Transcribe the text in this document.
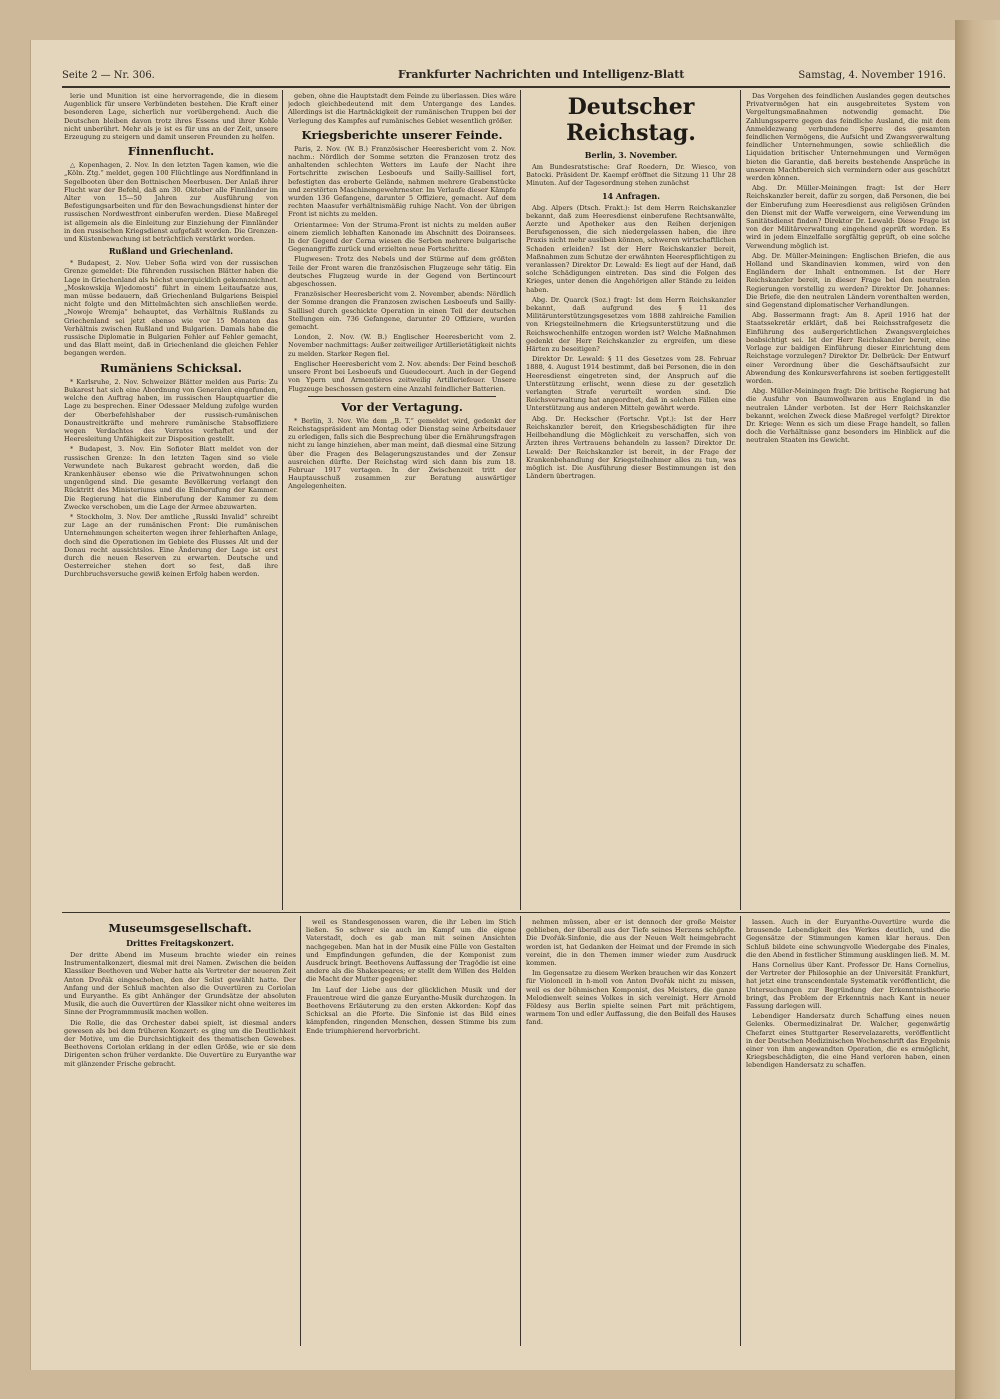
Seite 2 — Nr. 306.	Frankfurter Nachrichten und Intelligenz-Blatt	Samstag, 4. November 1916.

lerie und Munition ist eine hervorragende, die in diesem Augenblick für unsere Verbündeten bestehen. Die Kraft einer besonderen Lage, sicherlich nur vorübergehend. Auch die Deutschen bleiben davon trotz ihres Essens und ihrer Kohle nicht unberührt. Mehr als je ist es für uns an der Zeit, unsere Erzeugung zu steigern und damit unseren Freunden zu helfen.

Finnenflucht.

△ Kopenhagen, 2. Nov. In den letzten Tagen kamen, wie die „Köln. Ztg.“ meldet, gegen 100 Flüchtlinge aus Nordfinnland in Segelbooten über den Bottnischen Meerbusen. Der Anlaß ihrer Flucht war der Befehl, daß am 30. Oktober alle Finnländer im Alter von 15—50 Jahren zur Ausführung von Befestigungsarbeiten und für den Bewachungsdienst hinter der russischen Nordwestfront einberufen werden. Diese Maßregel ist allgemein als die Einleitung zur Einziehung der Finnländer in den russischen Kriegsdienst aufgefaßt worden. Die Grenzen- und Küstenbewachung ist beträchtlich verstärkt worden.

Rußland und Griechenland.

* Budapest, 2. Nov. Ueber Sofia wird von der russischen Grenze gemeldet: Die führenden russischen Blätter haben die Lage in Griechenland als höchst unerquicklich gekennzeichnet. „Moskowskija Wjedomosti“ führt in einem Leitaufsatze aus, man müsse bedauern, daß Griechenland Bulgariens Beispiel nicht folgte und den Mittelmächten sich anschließen werde. „Nowoje Wremja“ behauptet, das Verhältnis Rußlands zu Griechenland sei jetzt ebenso wie vor 15 Monaten das Verhältnis zwischen Rußland und Bulgarien. Damals habe die russische Diplomatie in Bulgarien Fehler auf Fehler gemacht, und das Blatt meint, daß in Griechenland die gleichen Fehler begangen werden.

Rumäniens Schicksal.

* Karlsruhe, 2. Nov. Schweizer Blätter melden aus Paris: Zu Bukarest hat sich eine Abordnung von Generalen eingefunden, welche den Auftrag haben, im russischen Hauptquartier die Lage zu besprechen. Einer Odessaer Meldung zufolge wurden der Oberbefehlshaber der russisch-rumänischen Donaustreitkräfte und mehrere rumänische Stabsoffiziere wegen Verdachtes des Verrates verhaftet und der Heeresleitung Unfähigkeit zur Disposition gestellt.

* Budapest, 3. Nov. Ein Sofioter Blatt meldet von der russischen Grenze: In den letzten Tagen sind so viele Verwundete nach Bukarest gebracht worden, daß die Krankenhäuser ebenso wie die Privatwohnungen schon ungenügend sind. Die gesamte Bevölkerung verlangt den Rücktritt des Ministeriums und die Einberufung der Kammer. Die Regierung hat die Einberufung der Kammer zu dem Zwecke verschoben, um die Lage der Armee abzuwarten.

* Stockholm, 3. Nov. Der amtliche „Russki Invalid“ schreibt zur Lage an der rumänischen Front: Die rumänischen Unternehmungen scheiterten wegen ihrer fehlerhaften Anlage, doch sind die Operationen im Gebiete des Flusses Alt und der Donau recht aussichtslos. Eine Änderung der Lage ist erst durch die neuen Reserven zu erwarten. Deutsche und Oesterreicher stehen dort so fest, daß ihre Durchbruchsversuche gewiß keinen Erfolg haben werden.

geben, ohne die Hauptstadt dem Feinde zu überlassen. Dies wäre jedoch gleichbedeutend mit dem Untergange des Landes. Allerdings ist die Hartnäckigkeit der rumänischen Truppen bei der Verlegung des Kampfes auf rumänisches Gebiet wesentlich größer.

Kriegsberichte unserer Feinde.

Paris, 2. Nov. (W. B.) Französischer Heeresbericht vom 2. Nov. nachm.: Nördlich der Somme setzten die Franzosen trotz des anhaltenden schlechten Wetters im Laufe der Nacht ihre Fortschritte zwischen Lesboeufs und Sailly-Saillisel fort, befestigten das eroberte Gelände, nahmen mehrere Grabenstücke und zerstörten Maschinengewehrnester. Im Verlaufe dieser Kämpfe wurden 136 Gefangene, darunter 5 Offiziere, gemacht. Auf dem rechten Maasufer verhältnismäßig ruhige Nacht. Von der übrigen Front ist nichts zu melden.

Orientarmee: Von der Struma-Front ist nichts zu melden außer einem ziemlich lebhaften Kanonade im Abschnitt des Doiransees. In der Gegend der Cerna wiesen die Serben mehrere bulgarische Gegenangriffe zurück und erzielten neue Fortschritte.

Flugwesen: Trotz des Nebels und der Stürme auf dem größten Teile der Front waren die französischen Flugzeuge sehr tätig. Ein deutsches Flugzeug wurde in der Gegend von Bertincourt abgeschossen.

Französischer Heeresbericht vom 2. November, abends: Nördlich der Somme drangen die Franzosen zwischen Lesboeufs und Sailly-Saillisel durch geschickte Operation in einen Teil der deutschen Stellungen ein. 736 Gefangene, darunter 20 Offiziere, wurden gemacht.

London, 2. Nov. (W. B.) Englischer Heeresbericht vom 2. November nachmittags: Außer zeitweiliger Artillerietätigkeit nichts zu melden. Starker Regen fiel.

Englischer Heeresbericht vom 2. Nov. abends: Der Feind beschoß unsere Front bei Lesboeufs und Gueudecourt. Auch in der Gegend von Ypern und Armentières zeitweilig Artilleriefeuer. Unsere Flugzeuge beschossen gestern eine Anzahl feindlicher Batterien.

Vor der Vertagung.

* Berlin, 3. Nov. Wie dem „B. T.“ gemeldet wird, gedenkt der Reichstagspräsident am Montag oder Dienstag seine Arbeitsdauer zu erledigen, falls sich die Besprechung über die Ernährungsfragen nicht zu lange hinziehen, aber man meint, daß diesmal eine Sitzung über die Fragen des Belagerungszustandes und der Zensur ausreichen dürfte. Der Reichstag wird sich dann bis zum 18. Februar 1917 vertagen. In der Zwischenzeit tritt der Hauptausschuß zusammen zur Beratung auswärtiger Angelegenheiten.

Deutscher Reichstag.
Berlin, 3. November.

Am Bundesratstische: Graf Roedern, Dr. Wiesco, von Batocki. Präsident Dr. Kaempf eröffnet die Sitzung 11 Uhr 28 Minuten. Auf der Tagesordnung stehen zunächst

14 Anfragen.

Abg. Alpers (Dtsch. Frakt.): Ist dem Herrn Reichskanzler bekannt, daß zum Heeresdienst einberufene Rechtsanwälte, Aerzte und Apotheker aus den Reihen derjenigen Berufsgenossen, die sich niedergelassen haben, die ihre Praxis nicht mehr ausüben können, schweren wirtschaftlichen Schaden erleiden? Ist der Herr Reichskanzler bereit, Maßnahmen zum Schutze der erwähnten Heerespflichtigen zu veranlassen? Direktor Dr. Lewald: Es liegt auf der Hand, daß solche Schädigungen eintreten. Das sind die Folgen des Krieges, unter denen die Angehörigen aller Stände zu leiden haben.

Abg. Dr. Quarck (Soz.) fragt: Ist dem Herrn Reichskanzler bekannt, daß aufgrund des § 11 des Militärunterstützungsgesetzes vom 1888 zahlreiche Familien von Kriegsteilnehmern die Kriegsunterstützung und die Reichswochenhilfe entzogen worden ist? Welche Maßnahmen gedenkt der Herr Reichskanzler zu ergreifen, um diese Härten zu beseitigen?

Direktor Dr. Lewald: § 11 des Gesetzes vom 28. Februar 1888, 4. August 1914 bestimmt, daß bei Personen, die in den Heeresdienst eingetreten sind, der Anspruch auf die Unterstützung erlischt, wenn diese zu der gesetzlich verlangten Strafe verurteilt worden sind. Die Reichsverwaltung hat angeordnet, daß in solchen Fällen eine Unterstützung aus anderen Mitteln gewährt werde.

Abg. Dr. Heckscher (Fortschr. Vpt.): Ist der Herr Reichskanzler bereit, den Kriegsbeschädigten für ihre Heilbehandlung die Möglichkeit zu verschaffen, sich von Ärzten ihres Vertrauens behandeln zu lassen? Direktor Dr. Lewald: Der Reichskanzler ist bereit, in der Frage der Krankenbehandlung der Kriegsteilnehmer alles zu tun, was möglich ist. Die Ausführung dieser Bestimmungen ist den Ländern übertragen.

Das Vorgehen des feindlichen Auslandes gegen deutsches Privatvermögen hat ein ausgebreitetes System von Vergeltungsmaßnahmen notwendig gemacht. Die Zahlungssperre gegen das feindliche Ausland, die mit dem Anmeldezwang verbundene Sperre des gesamten feindlichen Vermögens, die Aufsicht und Zwangsverwaltung feindlicher Unternehmungen, sowie schließlich die Liquidation britischer Unternehmungen und Vermögen bieten die Garantie, daß bereits bestehende Ansprüche in unserem Machtbereich sich vermindern oder aus geschützt werden können.

Abg. Dr. Müller-Meiningen fragt: Ist der Herr Reichskanzler bereit, dafür zu sorgen, daß Personen, die bei der Einberufung zum Heeresdienst aus religiösen Gründen den Dienst mit der Waffe verweigern, eine Verwendung im Sanitätsdienst finden? Direktor Dr. Lewald: Diese Frage ist von der Militärverwaltung eingehend geprüft worden. Es wird in jedem Einzelfalle sorgfältig geprüft, ob eine solche Verwendung möglich ist.

Abg. Dr. Müller-Meiningen: Englischen Briefen, die aus Holland und Skandinavien kommen, wird von den Engländern der Inhalt entnommen. Ist der Herr Reichskanzler bereit, in dieser Frage bei den neutralen Regierungen vorstellig zu werden? Direktor Dr. Johannes: Die Briefe, die den neutralen Ländern vorenthalten werden, sind Gegenstand diplomatischer Verhandlungen.

Abg. Bassermann fragt: Am 8. April 1916 hat der Staatssekretär erklärt, daß bei Reichsstrafgesetz die Einführung des außergerichtlichen Zwangsvergleiches beabsichtigt sei. Ist der Herr Reichskanzler bereit, eine Vorlage zur baldigen Einführung dieser Einrichtung dem Reichstage vorzulegen? Direktor Dr. Delbrück: Der Entwurf einer Verordnung über die Geschäftsaufsicht zur Abwendung des Konkursverfahrens ist soeben fertiggestellt worden.

Abg. Müller-Meiningen fragt: Die britische Regierung hat die Ausfuhr von Baumwollwaren aus England in die neutralen Länder verboten. Ist der Herr Reichskanzler bekannt, welchen Zweck diese Maßregel verfolgt? Direktor Dr. Kriege: Wenn es sich um diese Frage handelt, so fallen doch die Verhältnisse ganz besonders im Hinblick auf die neutralen Staaten ins Gewicht.

Museumsgesellschaft.
Drittes Freitagskonzert.

Der dritte Abend im Museum brachte wieder ein reines Instrumentalkonzert, diesmal mit drei Namen. Zwischen die beiden Klassiker Beethoven und Weber hatte als Vertreter der neueren Zeit Anton Dvořák eingeschoben, den der Solist gewählt hatte. Der Anfang und der Schluß machten also die Ouvertüren zu Coriolan und Euryanthe. Es gibt Anhänger der Grundsätze der absoluten Musik, die auch die Ouvertüren der Klassiker nicht ohne weiteres im Sinne der Programmmusik machen wollen.

Die Rolle, die das Orchester dabei spielt, ist diesmal anders gewesen als bei dem früheren Konzert: es ging um die Deutlichkeit der Motive, um die Durchsichtigkeit des thematischen Gewebes. Beethovens Coriolan erklang in der edlen Größe, wie er sie dem Dirigenten schon früher verdankte. Die Ouvertüre zu Euryanthe war mit glänzender Frische gebracht.

weil es Standesgenossen waren, die ihr Leben im Stich ließen. So schwer sie auch im Kampf um die eigene Vaterstadt, doch es gab man mit seinen Ansichten nachgegeben. Man hat in der Musik eine Fülle von Gestalten und Empfindungen gefunden, die der Komponist zum Ausdruck bringt. Beethovens Auffassung der Tragödie ist eine andere als die Shakespeares; er stellt dem Willen des Helden die Macht der Mutter gegenüber.

Im Lauf der Liebe aus der glücklichen Musik und der Frauentreue wird die ganze Euryanthe-Musik durchzogen. In Beethovens Erläuterung zu den ersten Akkorden: Kopf das Schicksal an die Pforte. Die Sinfonie ist das Bild eines kämpfenden, ringenden Menschen, dessen Stimme bis zum Ende triumphierend hervorbricht.

nehmen müssen, aber er ist dennoch der große Meister geblieben, der überall aus der Tiefe seines Herzens schöpfte. Die Dvořák-Sinfonie, die aus der Neuen Welt heimgebracht worden ist, hat Gedanken der Heimat und der Fremde in sich vereint, die in den Themen immer wieder zum Ausdruck kommen.

Im Gegensatze zu diesem Werken brauchen wir das Konzert für Violoncell in h-moll von Anton Dvořák nicht zu missen, weil es der böhmischen Komponist, des Meisters, die ganze Melodienwelt seines Volkes in sich vereinigt. Herr Arnold Földesy aus Berlin spielte seinen Part mit prächtigem, warmem Ton und edler Auffassung, die den Beifall des Hauses fand.

lassen. Auch in der Euryanthe-Ouvertüre wurde die brausende Lebendigkeit des Werkes deutlich, und die Gegensätze der Stimmungen kamen klar heraus. Den Schluß bildete eine schwungvolle Wiedergabe des Finales, die den Abend in festlicher Stimmung ausklingen ließ. M. M.

Hans Cornelius über Kant. Professor Dr. Hans Cornelius, der Vertreter der Philosophie an der Universität Frankfurt, hat jetzt eine transcendentale Systematik veröffentlicht, die Untersuchungen zur Begründung der Erkenntnistheorie bringt, das Problem der Erkenntnis nach Kant in neuer Fassung darlegen will.

Lebendiger Handersatz durch Schaffung eines neuen Gelenks. Obermedizinalrat Dr. Walcher, gegenwärtig Chefarzt eines Stuttgarter Reservelazaretts, veröffentlicht in der Deutschen Medizinischen Wochenschrift das Ergebnis einer von ihm angewandten Operation, die es ermöglicht, Kriegsbeschädigten, die eine Hand verloren haben, einen lebendigen Handersatz zu schaffen.
